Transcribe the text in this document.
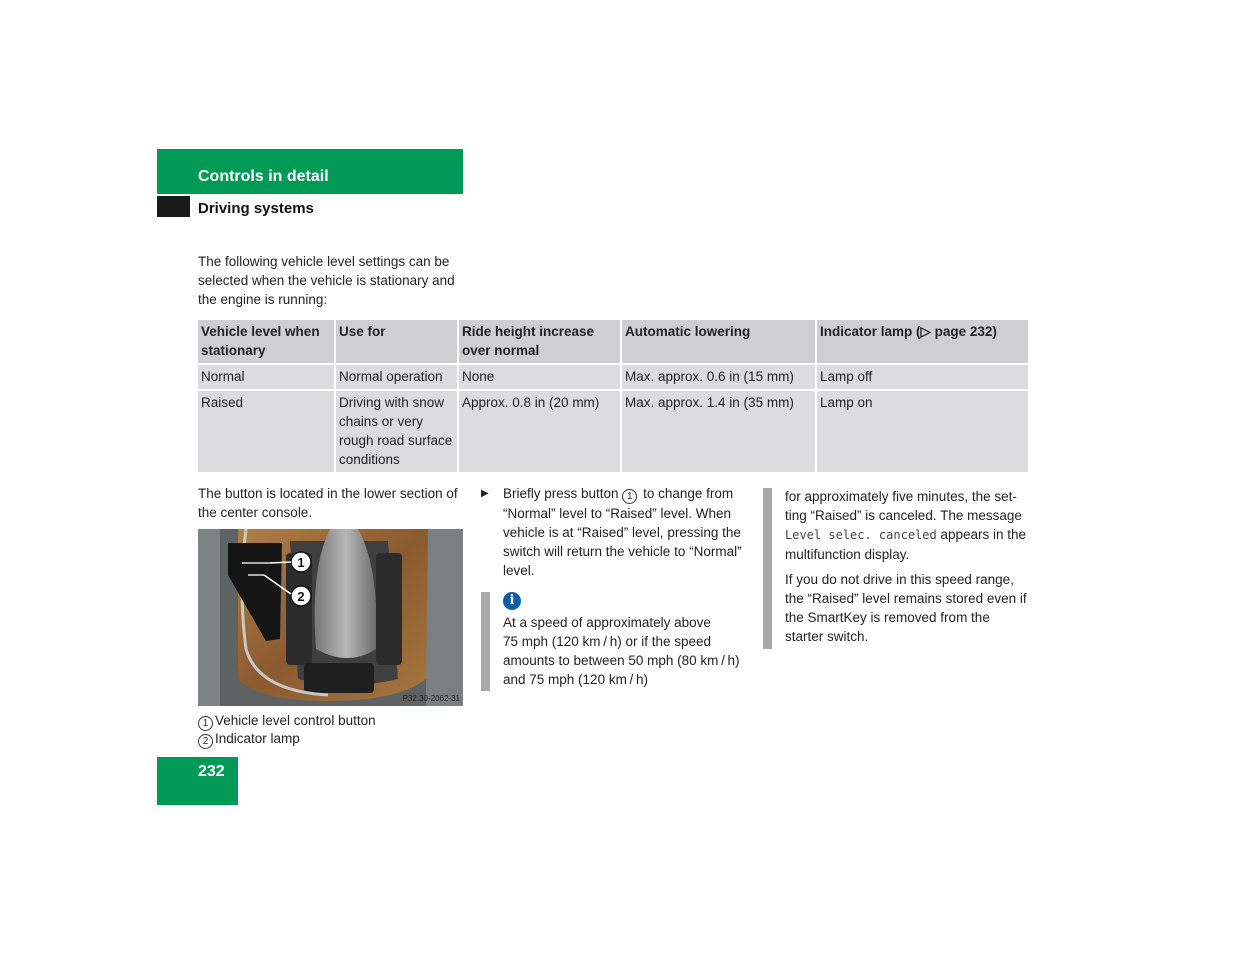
Controls in detail
Driving systems
The following vehicle level settings can be selected when the vehicle is stationary and the engine is running:
Vehicle level when stationary	Use for	Ride height increase over normal	Automatic lowering	Indicator lamp (▷ page 232)
Normal	Normal operation	None	Max. approx. 0.6 in (15 mm)	Lamp off
Raised	Driving with snow chains or very rough road surface conditions	Approx. 0.8 in (20 mm)	Max. approx. 1.4 in (35 mm)	Lamp on
The button is located in the lower section of the center console.
1
2
P32.30-2062-31
1 Vehicle level control button
2 Indicator lamp
▶ Briefly press button 1 to change from “Normal” level to “Raised” level. When vehicle is at “Raised” level, pressing the switch will return the vehicle to “Normal” level.
i
At a speed of approximately above 75 mph (120 km / h) or if the speed amounts to between 50 mph (80 km / h) and 75 mph (120 km / h)
for approximately five minutes, the setting “Raised” is canceled. The message Level selec. canceled appears in the multifunction display.
If you do not drive in this speed range, the “Raised” level remains stored even if the SmartKey is removed from the starter switch.
232
